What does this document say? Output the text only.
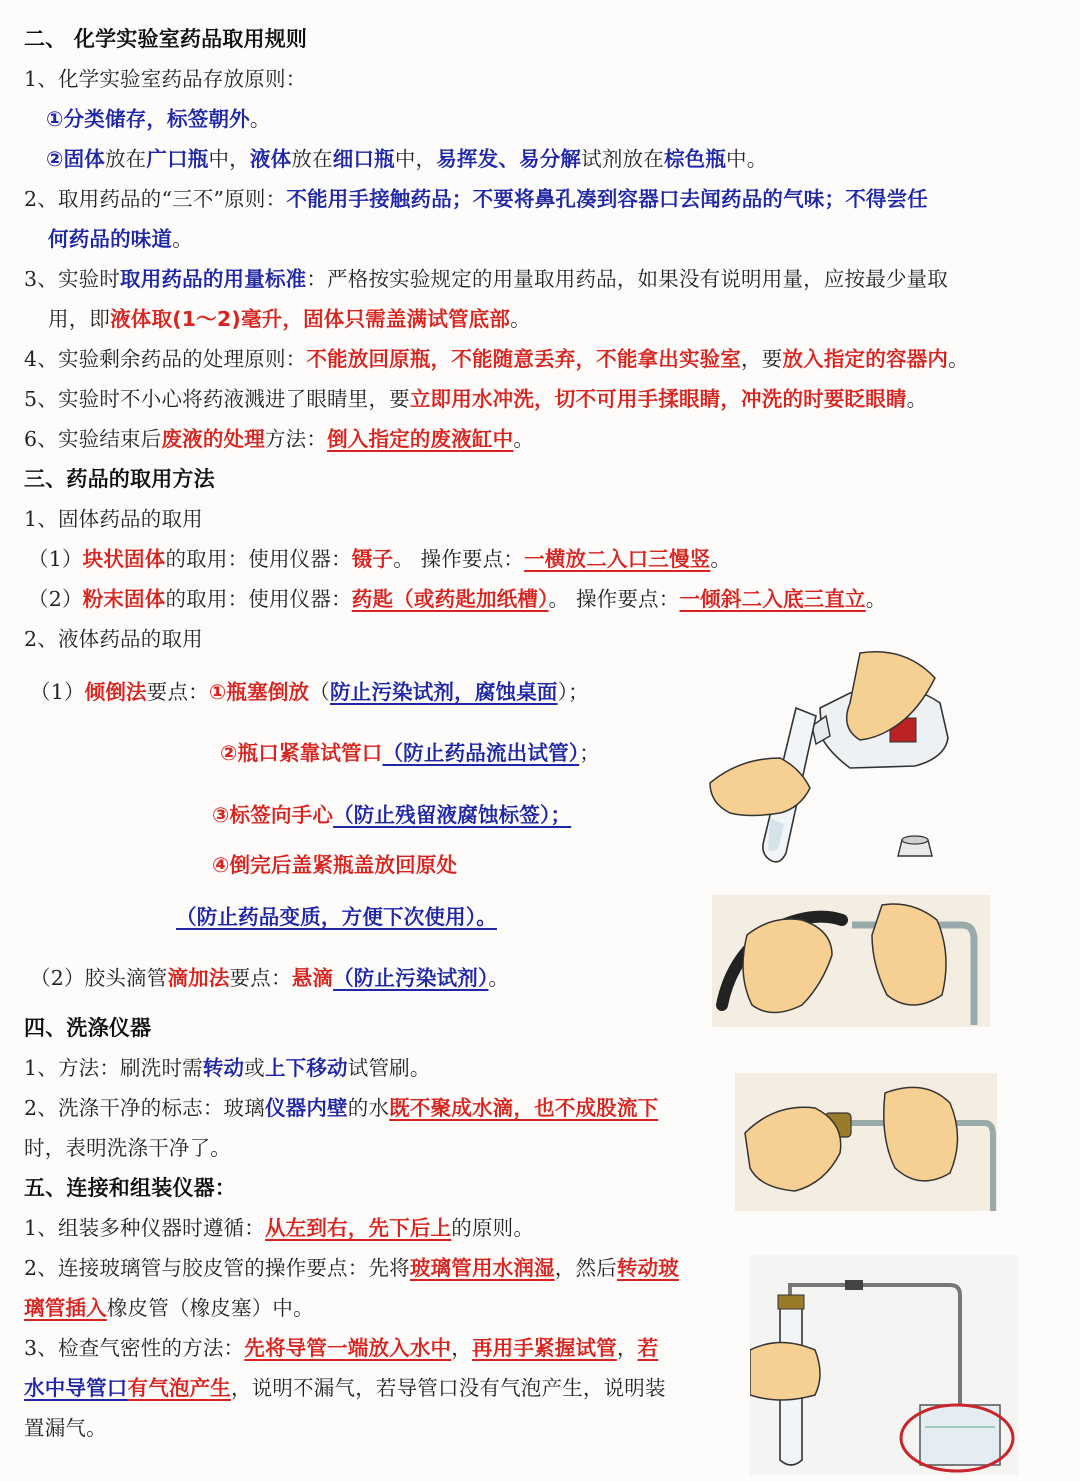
二、 化学实验室药品取用规则
1、化学实验室药品存放原则：
①分类储存，标签朝外。
②固体放在广口瓶中，液体放在细口瓶中，易挥发、易分解试剂放在棕色瓶中。
2、取用药品的“三不”原则：不能用手接触药品；不要将鼻孔凑到容器口去闻药品的气味；不得尝任
何药品的味道。
3、实验时取用药品的用量标准：严格按实验规定的用量取用药品，如果没有说明用量，应按最少量取
用，即液体取(1～2)毫升，固体只需盖满试管底部。
4、实验剩余药品的处理原则：不能放回原瓶，不能随意丢弃，不能拿出实验室，要放入指定的容器内。
5、实验时不小心将药液溅进了眼睛里，要立即用水冲洗，切不可用手揉眼睛，冲洗的时要眨眼睛。
6、实验结束后废液的处理方法：倒入指定的废液缸中。
三、药品的取用方法
1、固体药品的取用
（1）块状固体的取用：使用仪器：镊子。 操作要点：一横放二入口三慢竖。
（2）粉末固体的取用：使用仪器：药匙（或药匙加纸槽）。 操作要点：一倾斜二入底三直立。
2、液体药品的取用
（1）倾倒法要点：①瓶塞倒放（防止污染试剂，腐蚀桌面）；
②瓶口紧靠试管口（防止药品流出试管）；
③标签向手心（防止残留液腐蚀标签）；
④倒完后盖紧瓶盖放回原处
（防止药品变质，方便下次使用）。
（2）胶头滴管滴加法要点：悬滴（防止污染试剂）。
四、洗涤仪器
1、方法：刷洗时需转动或上下移动试管刷。
2、洗涤干净的标志：玻璃仪器内壁的水既不聚成水滴，也不成股流下
时，表明洗涤干净了。
五、连接和组装仪器：
1、组装多种仪器时遵循：从左到右，先下后上的原则。
2、连接玻璃管与胶皮管的操作要点：先将玻璃管用水润湿，然后转动玻
璃管插入橡皮管（橡皮塞）中。
3、检查气密性的方法：先将导管一端放入水中，再用手紧握试管，若
水中导管口有气泡产生，说明不漏气，若导管口没有气泡产生，说明装
置漏气。
